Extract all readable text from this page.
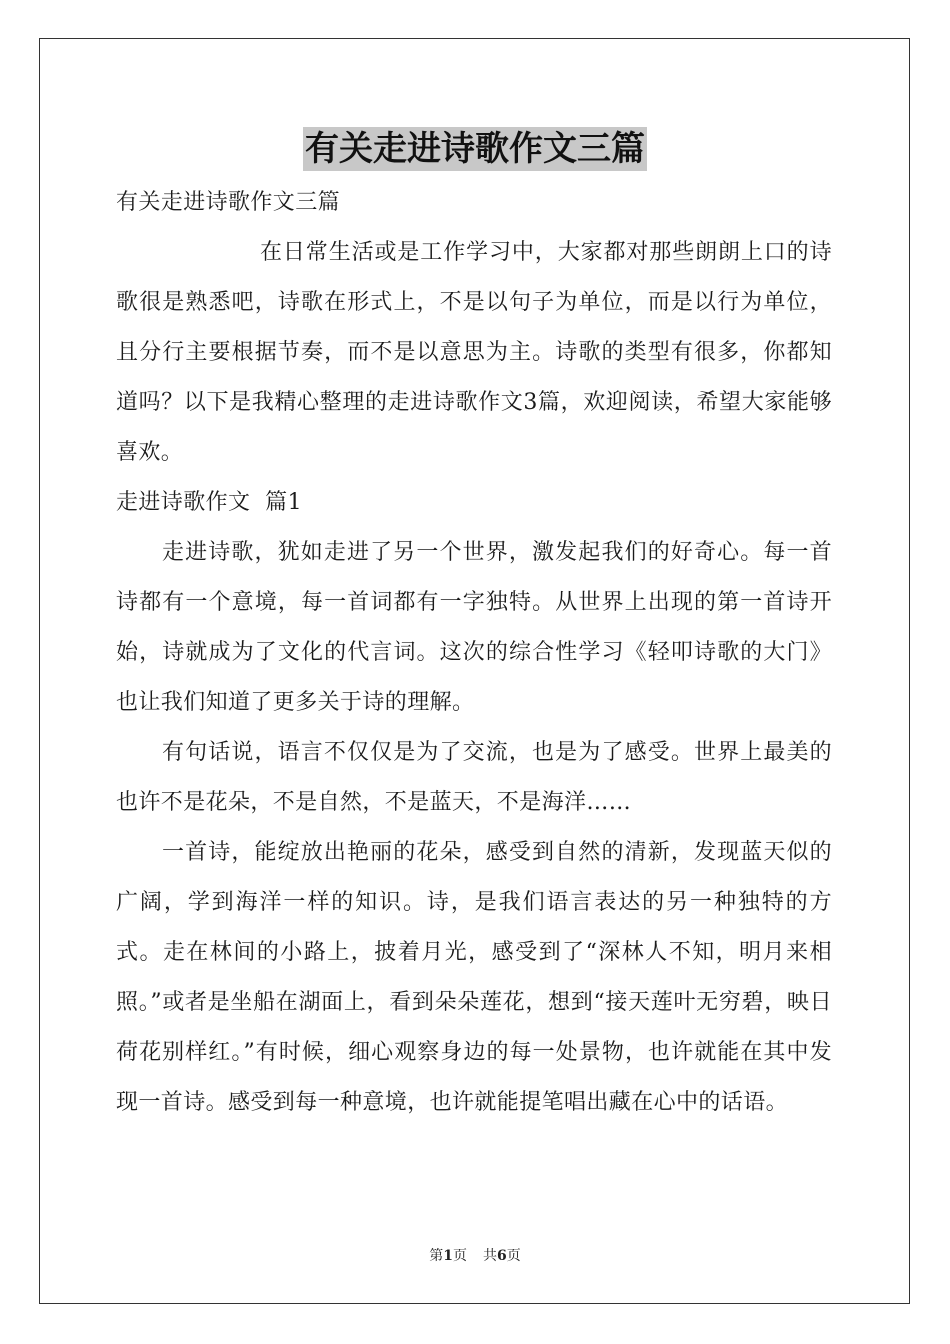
有关走进诗歌作文三篇

有关走进诗歌作文三篇

在日常生活或是工作学习中，大家都对那些朗朗上口的诗歌很是熟悉吧，诗歌在形式上，不是以句子为单位，而是以行为单位，且分行主要根据节奏，而不是以意思为主。诗歌的类型有很多，你都知道吗？以下是我精心整理的走进诗歌作文3篇，欢迎阅读，希望大家能够喜欢。

走进诗歌作文  篇1

走进诗歌，犹如走进了另一个世界，激发起我们的好奇心。每一首诗都有一个意境，每一首词都有一字独特。从世界上出现的第一首诗开始，诗就成为了文化的代言词。这次的综合性学习《轻叩诗歌的大门》也让我们知道了更多关于诗的理解。

有句话说，语言不仅仅是为了交流，也是为了感受。世界上最美的也许不是花朵，不是自然，不是蓝天，不是海洋……

一首诗，能绽放出艳丽的花朵，感受到自然的清新，发现蓝天似的广阔，学到海洋一样的知识。诗，是我们语言表达的另一种独特的方式。走在林间的小路上，披着月光，感受到了“深林人不知，明月来相照。”或者是坐船在湖面上，看到朵朵莲花，想到“接天莲叶无穷碧，映日荷花别样红。”有时候，细心观察身边的每一处景物，也许就能在其中发现一首诗。感受到每一种意境，也许就能提笔唱出藏在心中的话语。

第1页 共6页
